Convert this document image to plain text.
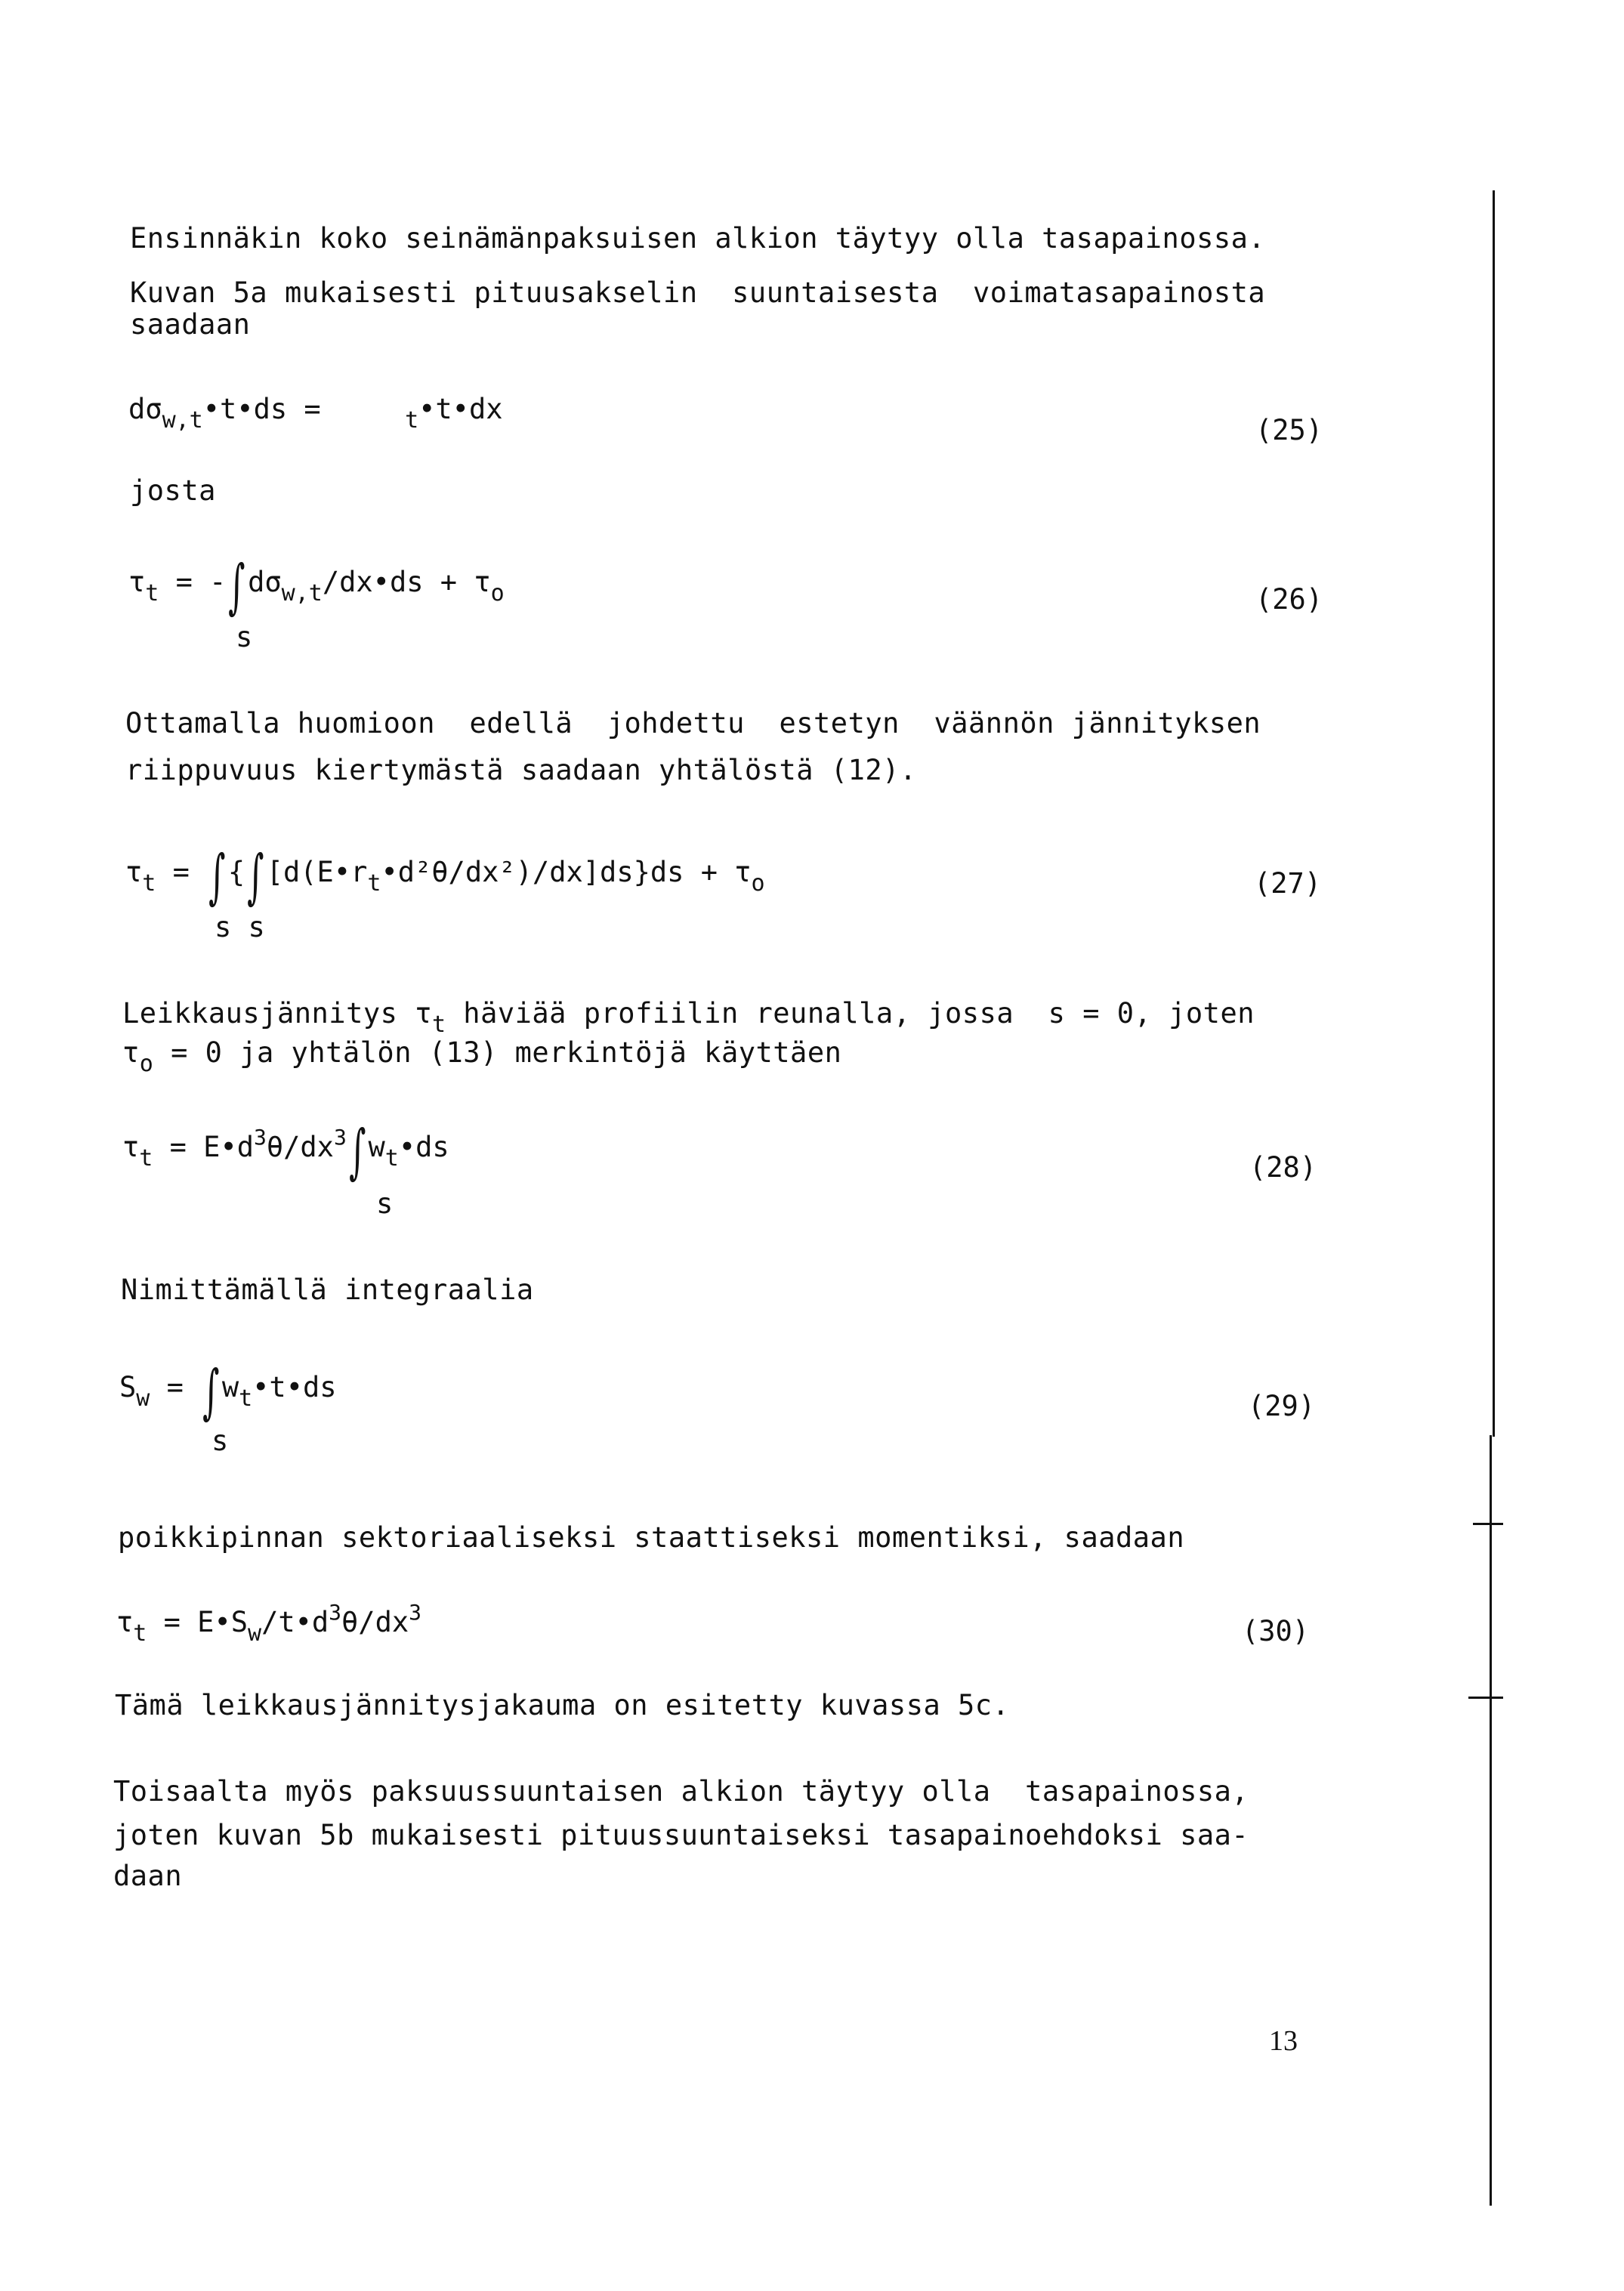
Ensinnäkin koko seinämänpaksuisen alkion täytyy olla tasapainossa.
Kuvan 5a mukaisesti pituusakselin  suuntaisesta  voimatasapainosta
saadaan
$d\sigma_{w,t}•t•ds$ =     $_t$•t•dx
(25)
josta
$\tau_t$ = $-\int d\sigma_{w,t}/dx•ds + \tau_o$
s
(26)
Ottamalla huomioon  edellä  johdettu  estetyn  väännön jännityksen
riippuvuus kiertymästä saadaan yhtälöstä (12).
$\tau_t$ = $\int\{\int[d(E•r_t•d^2\theta/dx^2)/dx]ds\}ds + \tau_o$
s s
(27)
Leikkausjännitys $\tau_t$ häviää profiilin reunalla, jossa  s = 0, joten
$\tau_o = 0$ ja yhtälön (13) merkintöjä käyttäen
$\tau_t$ = $E•d^3\theta/dx^3\int w_t•ds$
s
(28)
Nimittämällä integraalia
$S_w$ = $\int w_t•t•ds$
s
(29)
poikkipinnan sektoriaaliseksi staattiseksi momentiksi, saadaan
$\tau_t$ = $E•S_w/t•d^3\theta/dx^3$
(30)
Tämä leikkausjännitysjakauma on esitetty kuvassa 5c.
Toisaalta myös paksuussuuntaisen alkion täytyy olla  tasapainossa,
joten kuvan 5b mukaisesti pituussuuntaiseksi tasapainoehdoksi saa-
daan
13
